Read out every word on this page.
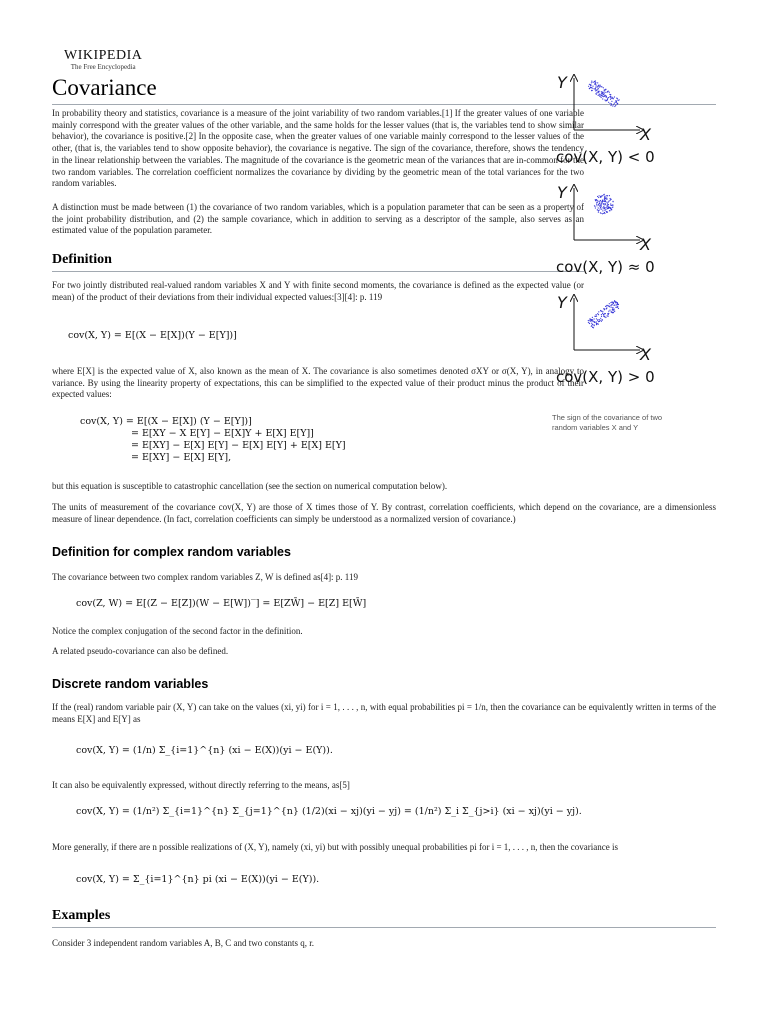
WIKIPEDIA
The Free Encyclopedia
Covariance

In probability theory and statistics, covariance is a measure of the joint variability of two random variables.[1] If the greater values of one variable mainly correspond with the greater values of the other variable, and the same holds for the lesser values (that is, the variables tend to show similar behavior), the covariance is positive.[2] In the opposite case, when the greater values of one variable mainly correspond to the lesser values of the other, (that is, the variables tend to show opposite behavior), the covariance is negative. The sign of the covariance, therefore, shows the tendency in the linear relationship between the variables. The magnitude of the covariance is the geometric mean of the variances that are in-common for the two random variables. The correlation coefficient normalizes the covariance by dividing by the geometric mean of the total variances for the two random variables.

A distinction must be made between (1) the covariance of two random variables, which is a population parameter that can be seen as a property of the joint probability distribution, and (2) the sample covariance, which in addition to serving as a descriptor of the sample, also serves as an estimated value of the population parameter.

Definition

For two jointly distributed real-valued random variables X and Y with finite second moments, the covariance is defined as the expected value (or mean) of the product of their deviations from their individual expected values:[3][4]: p. 119

cov(X, Y) = E[(X − E[X])(Y − E[Y])]

where E[X] is the expected value of X, also known as the mean of X. The covariance is also sometimes denoted σXY or σ(X, Y), in analogy to variance. By using the linearity property of expectations, this can be simplified to the expected value of their product minus the product of their expected values:

cov(X, Y) = E[(X − E[X]) (Y − E[Y])]
= E[XY − X E[Y] − E[X]Y + E[X] E[Y]]
= E[XY] − E[X] E[Y] − E[X] E[Y] + E[X] E[Y]
= E[XY] − E[X] E[Y],

but this equation is susceptible to catastrophic cancellation (see the section on numerical computation below).

The units of measurement of the covariance cov(X, Y) are those of X times those of Y. By contrast, correlation coefficients, which depend on the covariance, are a dimensionless measure of linear dependence. (In fact, correlation coefficients can simply be understood as a normalized version of covariance.)

Definition for complex random variables

The covariance between two complex random variables Z, W is defined as[4]: p. 119

cov(Z, W) = E[(Z − E[Z])(W − E[W])‾] = E[ZW̄] − E[Z] E[W̄]

Notice the complex conjugation of the second factor in the definition.

A related pseudo-covariance can also be defined.

Discrete random variables

If the (real) random variable pair (X, Y) can take on the values (xi, yi) for i = 1, . . . , n, with equal probabilities pi = 1/n, then the covariance can be equivalently written in terms of the means E[X] and E[Y] as

cov(X, Y) = (1/n) Σ_{i=1}^{n} (xi − E(X))(yi − E(Y)).

It can also be equivalently expressed, without directly referring to the means, as[5]

cov(X, Y) = (1/n²) Σ_{i=1}^{n} Σ_{j=1}^{n} (1/2)(xi − xj)(yi − yj) = (1/n²) Σ_i Σ_{j>i} (xi − xj)(yi − yj).

More generally, if there are n possible realizations of (X, Y), namely (xi, yi) but with possibly unequal probabilities pi for i = 1, . . . , n, then the covariance is

cov(X, Y) = Σ_{i=1}^{n} pi (xi − E(X))(yi − E(Y)).
Examples

Consider 3 independent random variables A, B, C and two constants q, r.

Y
X
cov(X, Y) < 0
Y
X
cov(X, Y) ≈ 0
Y
X
cov(X, Y) > 0
The sign of the covariance of two random variables X and Y
